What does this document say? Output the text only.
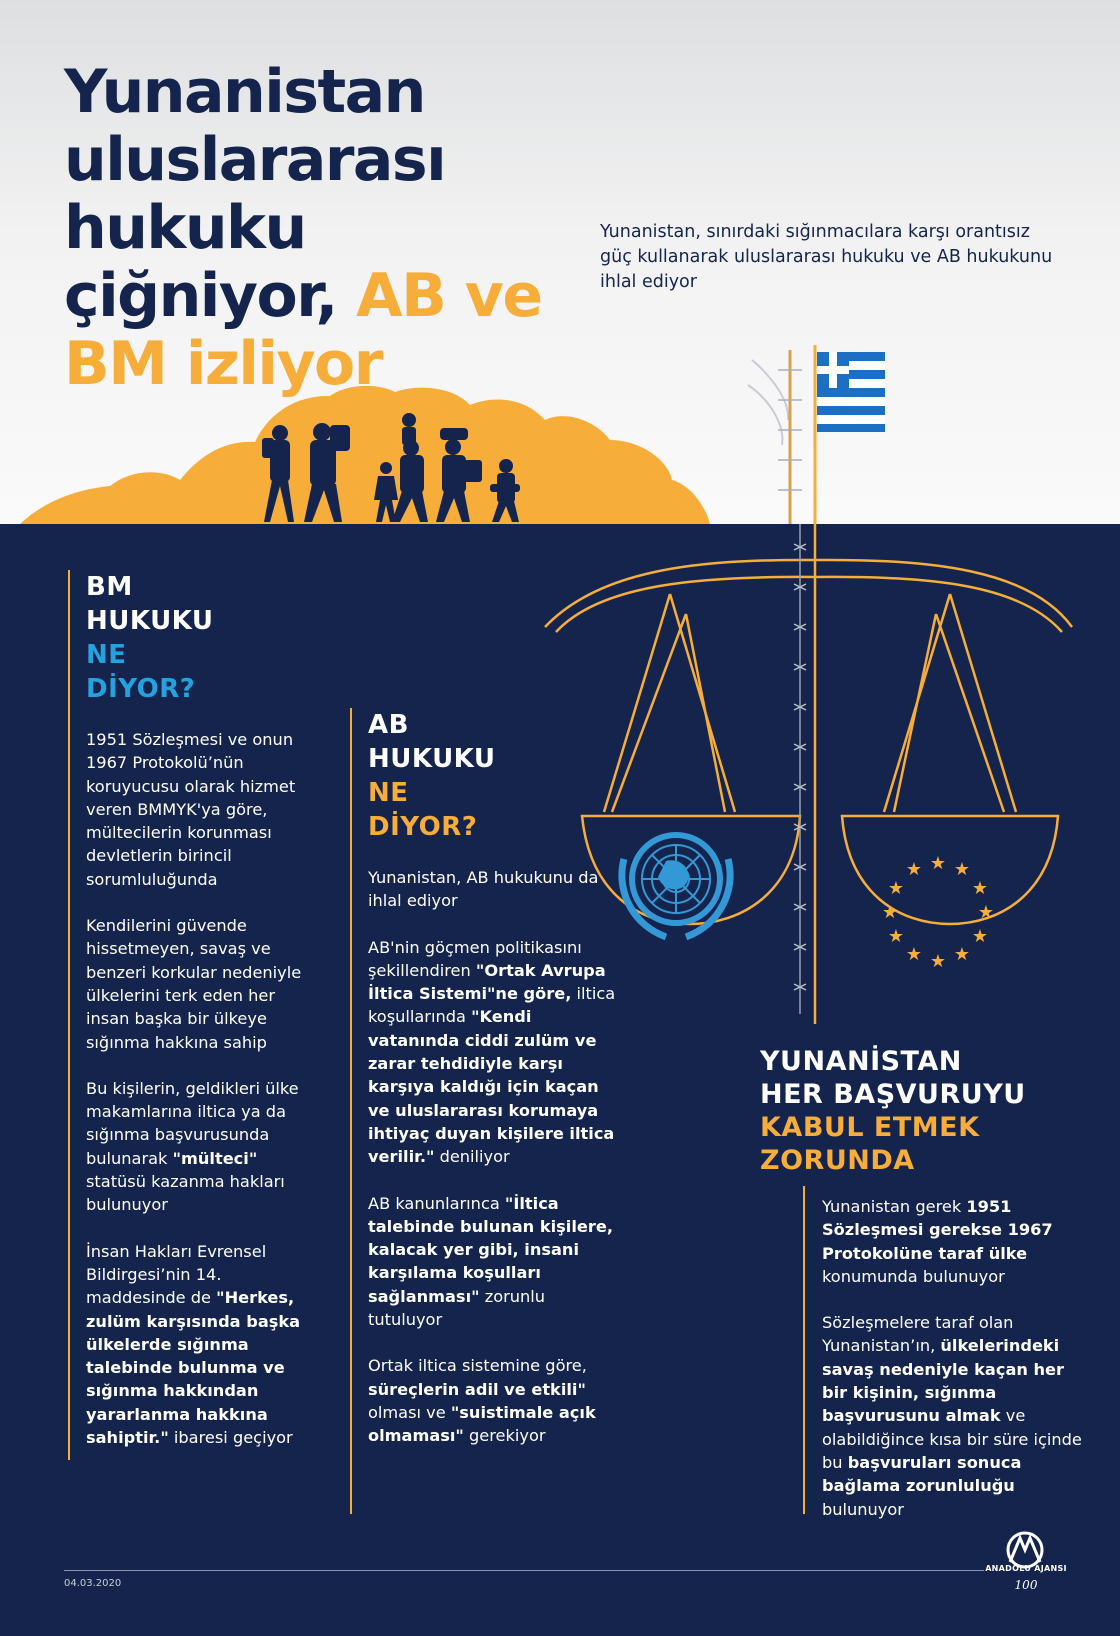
Yunanistan
uluslararası hukuku
çiğniyor, AB ve
BM izliyor

Yunanistan, sınırdaki sığınmacılara karşı orantısız güç kullanarak uluslararası hukuku ve AB hukukunu ihlal ediyor

★ ★
★
★
★
★
★
★
★
★
★
★
BM
HUKUKU
NE
DİYOR?

1951 Sözleşmesi ve onun 1967 Protokolü’nün koruyucusu olarak hizmet veren BMMYK'ya göre, mültecilerin korunması devletlerin birincil sorumluluğunda

Kendilerini güvende hissetmeyen, savaş ve benzeri korkular nedeniyle ülkelerini terk eden her insan başka bir ülkeye sığınma hakkına sahip

Bu kişilerin, geldikleri ülke makamlarına iltica ya da sığınma başvurusunda bulunarak "mülteci" statüsü kazanma hakları bulunuyor

İnsan Hakları Evrensel Bildirgesi’nin 14. maddesinde de "Herkes, zulüm karşısında başka ülkelerde sığınma talebinde bulunma ve sığınma hakkından yararlanma hakkına sahiptir." ibaresi geçiyor

AB
HUKUKU
NE
DİYOR?

Yunanistan, AB hukukunu da ihlal ediyor

AB'nin göçmen politikasını şekillendiren "Ortak Avrupa İltica Sistemi"ne göre, iltica koşullarında "Kendi vatanında ciddi zulüm ve zarar tehdidiyle karşı karşıya kaldığı için kaçan ve uluslararası korumaya ihtiyaç duyan kişilere iltica verilir." deniliyor

AB kanunlarınca "İltica talebinde bulunan kişilere, kalacak yer gibi, insani karşılama koşulları sağlanması" zorunlu tutuluyor

Ortak iltica sistemine göre, süreçlerin adil ve etkili" olması ve "suistimale açık olmaması" gerekiyor

YUNANİSTAN
HER BAŞVURUYU
KABUL ETMEK
ZORUNDA

Yunanistan gerek 1951 Sözleşmesi gerekse 1967 Protokolüne taraf ülke konumunda bulunuyor

Sözleşmelere taraf olan Yunanistan’ın, ülkelerindeki savaş nedeniyle kaçan her bir kişinin, sığınma başvurusunu almak ve olabildiğince kısa bir süre içinde bu başvuruları sonuca bağlama zorunluluğu bulunuyor

04.03.2020
ANADOLU AJANSI
100
